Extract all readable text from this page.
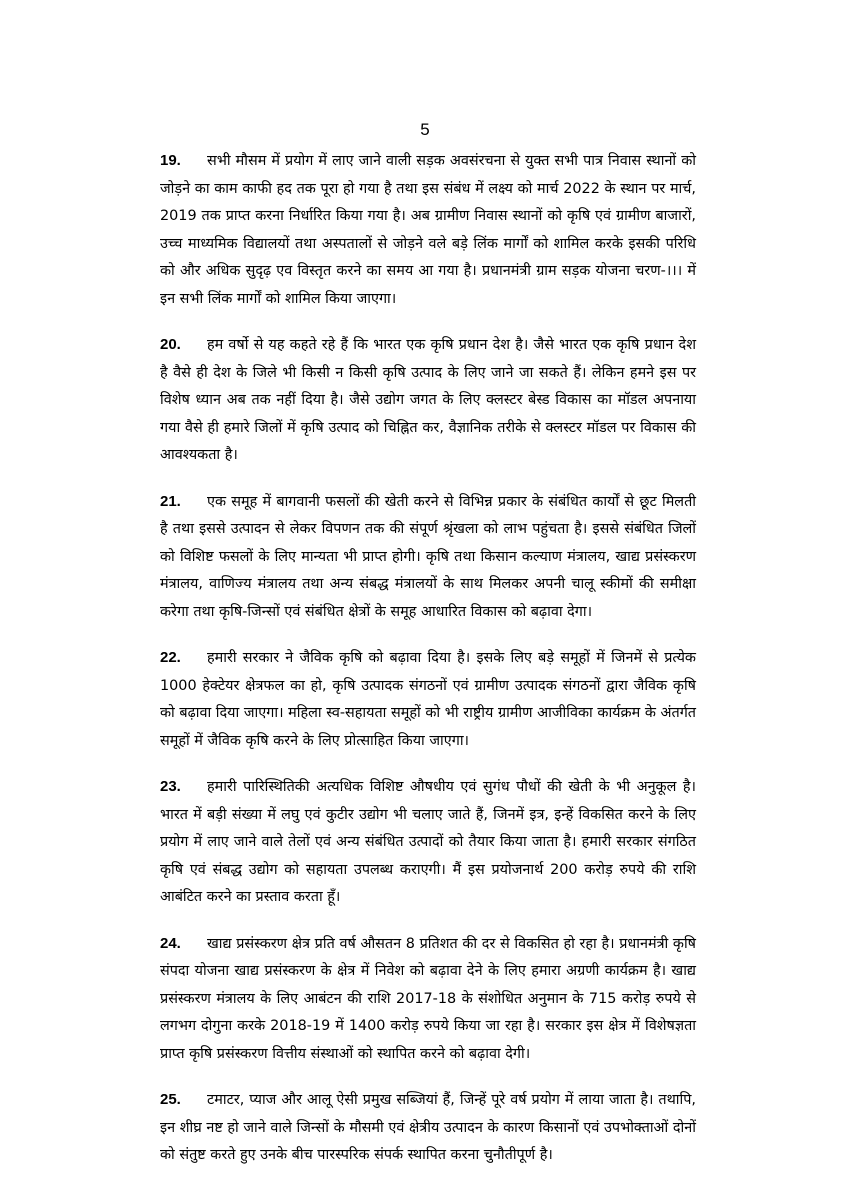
5

19. सभी मौसम में प्रयोग में लाए जाने वाली सड़क अवसंरचना से युक्त सभी पात्र निवास स्थानों को जोड़ने का काम काफी हद तक पूरा हो गया है तथा इस संबंध में लक्ष्य को मार्च 2022 के स्थान पर मार्च, 2019 तक प्राप्त करना निर्धारित किया गया है। अब ग्रामीण निवास स्थानों को कृषि एवं ग्रामीण बाजारों, उच्च माध्यमिक विद्यालयों तथा अस्पतालों से जोड़ने वले बड़े लिंक मार्गों को शामिल करके इसकी परिधि को और अधिक सुदृढ़ एव विस्तृत करने का समय आ गया है। प्रधानमंत्री ग्राम सड़क योजना चरण-।।। में इन सभी लिंक मार्गों को शामिल किया जाएगा।

20. हम वर्षो से यह कहते रहे हैं कि भारत एक कृषि प्रधान देश है। जैसे भारत एक कृषि प्रधान देश है वैसे ही देश के जिले भी किसी न किसी कृषि उत्पाद के लिए जाने जा सकते हैं। लेकिन हमने इस पर विशेष ध्यान अब तक नहीं दिया है। जैसे उद्योग जगत के लिए क्लस्टर बेस्ड विकास का मॉडल अपनाया गया वैसे ही हमारे जिलों में कृषि उत्पाद को चिह्नित कर, वैज्ञानिक तरीके से क्लस्टर मॉडल पर विकास की आवश्यकता है।

21. एक समूह में बागवानी फसलों की खेती करने से विभिन्न प्रकार के संबंधित कार्यों से छूट मिलती है तथा इससे उत्पादन से लेकर विपणन तक की संपूर्ण श्रृंखला को लाभ पहुंचता है। इससे संबंधित जिलों को विशिष्ट फसलों के लिए मान्यता भी प्राप्त होगी। कृषि तथा किसान कल्याण मंत्रालय, खाद्य प्रसंस्करण मंत्रालय, वाणिज्य मंत्रालय तथा अन्य संबद्ध मंत्रालयों के साथ मिलकर अपनी चालू स्कीमों की समीक्षा करेगा तथा कृषि-जिन्सों एवं संबंधित क्षेत्रों के समूह आधारित विकास को बढ़ावा देगा।

22. हमारी सरकार ने जैविक कृषि को बढ़ावा दिया है। इसके लिए बड़े समूहों में जिनमें से प्रत्येक 1000 हेक्टेयर क्षेत्रफल का हो, कृषि उत्पादक संगठनों एवं ग्रामीण उत्पादक संगठनों द्वारा जैविक कृषि को बढ़ावा दिया जाएगा। महिला स्व-सहायता समूहों को भी राष्ट्रीय ग्रामीण आजीविका कार्यक्रम के अंतर्गत समूहों में जैविक कृषि करने के लिए प्रोत्साहित किया जाएगा।

23. हमारी पारिस्थितिकी अत्यधिक विशिष्ट औषधीय एवं सुगंध पौधों की खेती के भी अनुकूल है। भारत में बड़ी संख्या में लघु एवं कुटीर उद्योग भी चलाए जाते हैं, जिनमें इत्र, इन्हें विकसित करने के लिए प्रयोग में लाए जाने वाले तेलों एवं अन्य संबंधित उत्पादों को तैयार किया जाता है। हमारी सरकार संगठित कृषि एवं संबद्ध उद्योग को सहायता उपलब्ध कराएगी। मैं इस प्रयोजनार्थ 200 करोड़ रुपये की राशि आबंटित करने का प्रस्ताव करता हूँ।

24. खाद्य प्रसंस्करण क्षेत्र प्रति वर्ष औसतन 8 प्रतिशत की दर से विकसित हो रहा है। प्रधानमंत्री कृषि संपदा योजना खाद्य प्रसंस्करण के क्षेत्र में निवेश को बढ़ावा देने के लिए हमारा अग्रणी कार्यक्रम है। खाद्य प्रसंस्करण मंत्रालय के लिए आबंटन की राशि 2017-18 के संशोधित अनुमान के 715 करोड़ रुपये से लगभग दोगुना करके 2018-19 में 1400 करोड़ रुपये किया जा रहा है। सरकार इस क्षेत्र में विशेषज्ञता प्राप्त कृषि प्रसंस्करण वित्तीय संस्थाओं को स्थापित करने को बढ़ावा देगी।

25. टमाटर, प्याज और आलू ऐसी प्रमुख सब्जियां हैं, जिन्हें पूरे वर्ष प्रयोग में लाया जाता है। तथापि, इन शीघ्र नष्ट हो जाने वाले जिन्सों के मौसमी एवं क्षेत्रीय उत्पादन के कारण किसानों एवं उपभोक्ताओं दोनों को संतुष्ट करते हुए उनके बीच पारस्परिक संपर्क स्थापित करना चुनौतीपूर्ण है।
